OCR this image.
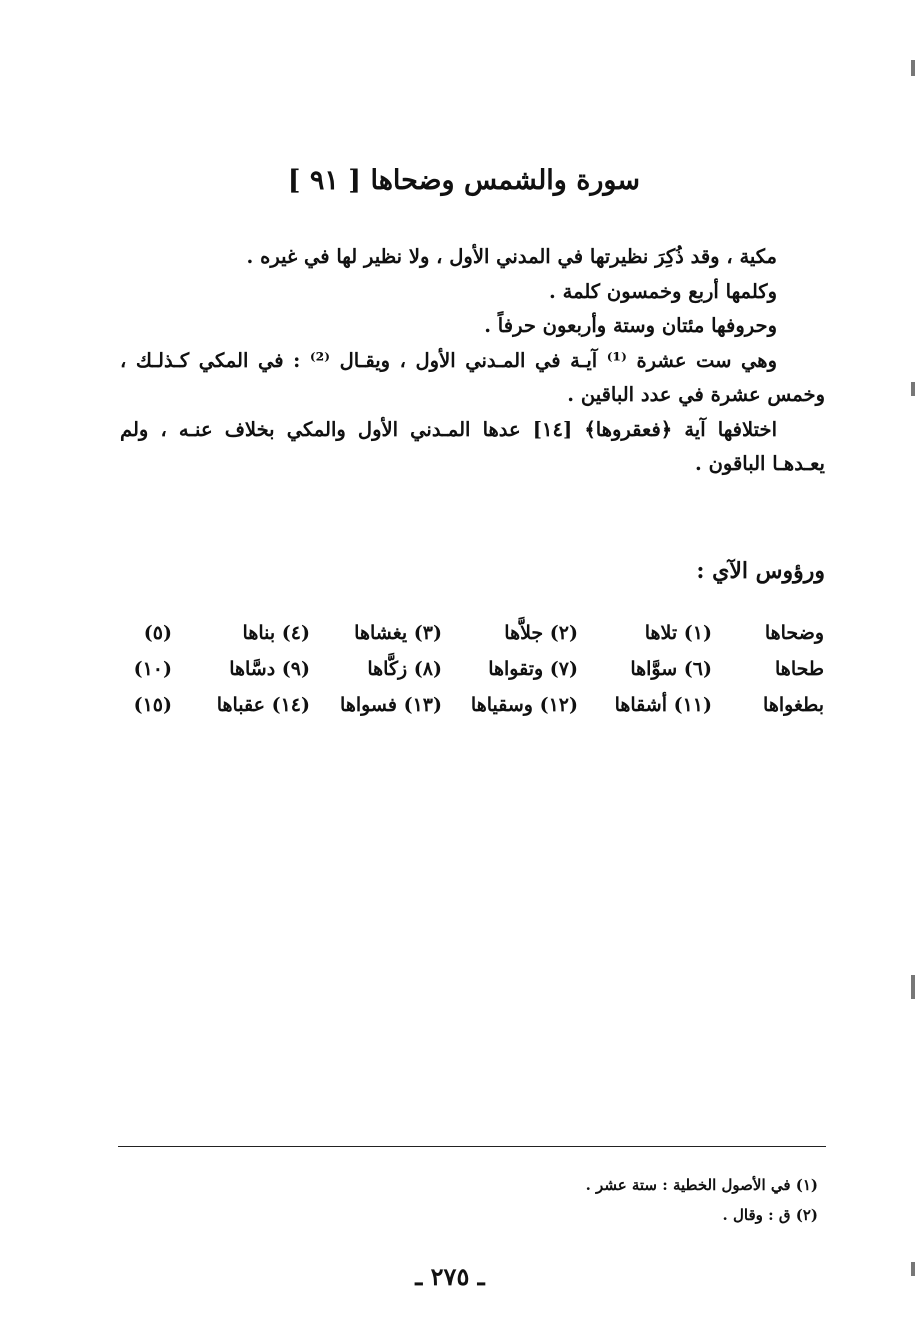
سورة والشمس وضحاها [ ٩١ ]

مكية ، وقد ذُكِرَ نظيرتها في المدني الأول ، ولا نظير لها في غيره .

وكلمها أربع وخمسون كلمة .

وحروفها مئتان وستة وأربعون حرفاً .

وهي ست عشرة ⁽¹⁾ آيـة في المـدني الأول ، ويقـال ⁽²⁾ : في المكي كـذلـك ، وخمس عشرة في عدد الباقين .

اختلافها آية ﴿فعقروها﴾ [١٤] عدها المـدني الأول والمكي بخلاف عنـه ، ولم يعـدهـا الباقون .

ورؤوس الآي :
وضحاها
(١) تلاها
(٢) جلاَّها
(٣) يغشاها
(٤) بناها
(٥)
طحاها
(٦) سوَّاها
(٧) وتقواها
(٨) زكَّاها
(٩) دسَّاها
(١٠)
بطغواها
(١١) أشقاها
(١٢) وسقياها
(١٣) فسواها
(١٤) عقباها
(١٥)
(١) في الأصول الخطية : ستة عشر .
(٢) ق : وقال .
ـ ٢٧٥ ـ
